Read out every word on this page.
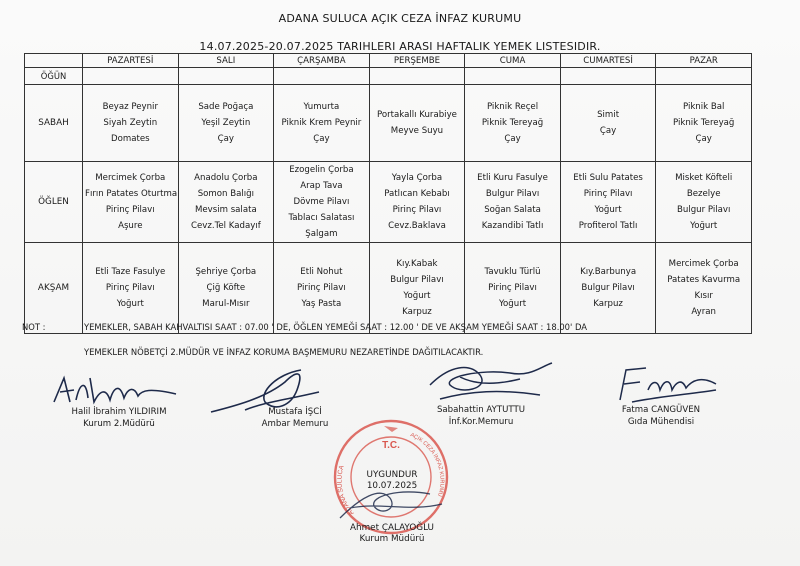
ADANA SULUCA AÇIK CEZA İNFAZ KURUMU
14.07.2025-20.07.2025 TARIHLERI ARASI HAFTALIK YEMEK LISTESIDIR.
	PAZARTESİ	SALI	ÇARŞAMBA	PERŞEMBE	CUMA	CUMARTESİ	PAZAR
ÖĞÜN							
SABAH	Beyaz Peynir
Siyah Zeytin
Domates	Sade Poğaça
Yeşil Zeytin
Çay	Yumurta
Piknik Krem Peynir
Çay	Portakallı Kurabiye
Meyve Suyu	Piknik Reçel
Piknik Tereyağ
Çay	Simit
Çay	Piknik Bal
Piknik Tereyağ
Çay

ÖĞLEN	Mercimek Çorba
Fırın Patates Oturtma
Pirinç Pilavı
Aşure	Anadolu Çorba
Somon Balığı
Mevsim salata
Cevz.Tel Kadayıf	Ezogelin Çorba
Arap Tava
Dövme Pilavı
Tablacı Salatası
Şalgam	Yayla Çorba
Patlıcan Kebabı
Pirinç Pilavı
Cevz.Baklava	Etli Kuru Fasulye
Bulgur Pilavı
Soğan Salata
Kazandibi Tatlı	Etli Sulu Patates
Pirinç Pilavı
Yoğurt
Profiterol Tatlı	Misket Köfteli
Bezelye
Bulgur Pilavı
Yoğurt

AKŞAM	Etli Taze Fasulye
Pirinç Pilavı
Yoğurt	Şehriye Çorba
Çiğ Köfte
Marul-Mısır	Etli Nohut
Pirinç Pilavı
Yaş Pasta	Kıy.Kabak
Bulgur Pilavı
Yoğurt
Karpuz	Tavuklu Türlü
Pirinç Pilavı
Yoğurt	Kıy.Barbunya
Bulgur Pilavı
Karpuz	Mercimek Çorba
Patates Kavurma
Kısır
Ayran
NOT :	YEMEKLER, SABAH KAHVALTISI SAAT : 07.00 ' DE, ÖĞLEN YEMEĞİ SAAT : 12.00 ' DE VE AKŞAM YEMEĞİ SAAT : 18.00' DA
YEMEKLER NÖBETÇİ 2.MÜDÜR VE İNFAZ KORUMA BAŞMEMURU NEZARETİNDE DAĞITILACAKTIR.
Halil İbrahim YILDIRIM
Kurum 2.Müdürü
Mustafa İŞCİ
Ambar Memuru
Sabahattin AYTUTTU
İnf.Kor.Memuru
Fatma CANGÜVEN
Gıda Mühendisi
T.C.
ADANA SULUCA
AÇIK CEZA İNFAZ KURUMU
UYGUNDUR
10.07.2025
Ahmet ÇALAYOĞLU
Kurum Müdürü
